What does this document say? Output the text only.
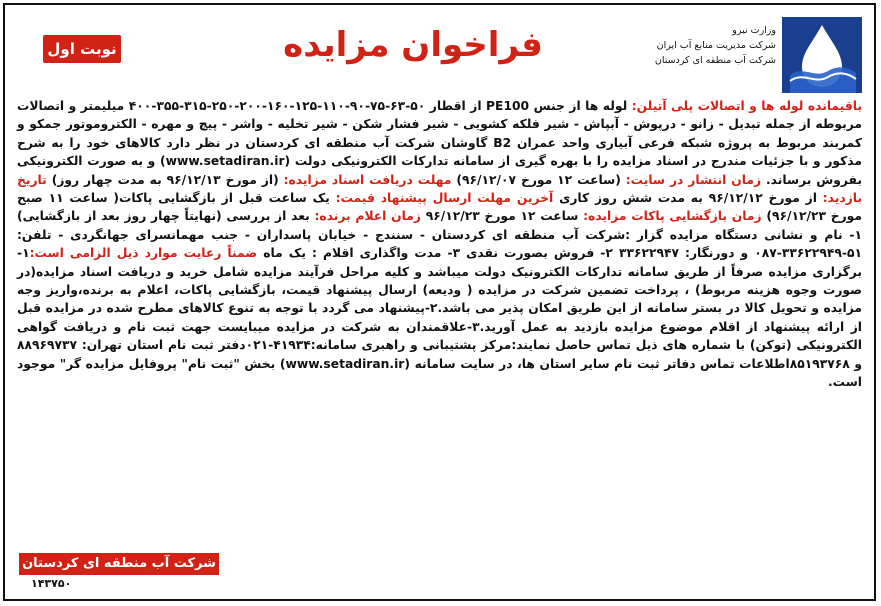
وزارت نیرو
شرکت مدیریت منابع آب ایران
شرکت آب منطقه ای کردستان
فراخوان مزایده
نوبت اول

باقیمانده لوله ها و اتصالات پلی آتیلن: لوله ها از جنس PE100 از اقطار ۵۰-۶۳-۷۵-۹۰-۱۱۰-۱۲۵-۱۶۰-۲۰۰-۲۵۰-۳۱۵-۳۵۵-۴۰۰ میلیمتر و اتصالات مربوطه از جمله تبدیل - زانو - درپوش - آبپاش - شیر فلکه کشویی - شیر فشار شکن - شیر تخلیه - واشر - پیچ و مهره - الکتروموتور جمکو و کمربند مربوط به پروژه شبکه فرعی آبیاری واحد عمران B2 گاوشان شرکت آب منطقه ای کردستان در نظر دارد کالاهای خود را به شرح مذکور و با جزئیات مندرج در اسناد مزایده را با بهره گیری از سامانه تدارکات الکترونیکی دولت (www.setadiran.ir) و به صورت الکترونیکی بفروش برساند. زمان انتشار در سایت: (ساعت ۱۲ مورخ ۹۶/۱۲/۰۷) مهلت دریافت اسناد مزایده: (از مورخ ۹۶/۱۲/۱۳ به مدت چهار روز) تاریخ بازدید: از مورخ ۹۶/۱۲/۱۲ به مدت شش روز کاری آخرین مهلت ارسال پیشنهاد قیمت: یک ساعت قبل از بازگشایی پاکات( ساعت ۱۱ صبح مورخ ۹۶/۱۲/۲۳) زمان بازگشایی پاکات مزایده: ساعت ۱۲ مورخ ۹۶/۱۲/۲۳ زمان اعلام برنده: بعد از بررسی (نهایتاً چهار روز بعد از بازگشایی) ۱- نام و نشانی دستگاه مزایده گزار :شرکت آب منطقه ای کردستان - سنندج - خیابان پاسداران - جنب مهمانسرای جهانگردی - تلفن: ۵۱-۳۳۶۲۲۹۴۹-۰۸۷ و دورنگار: ۳۳۶۲۲۹۴۷ ۲- فروش بصورت نقدی ۳- مدت واگذاری اقلام : یک ماه ضمناً رعایت موارد ذیل الزامی است:۱-برگزاری مزایده صرفاً از طریق سامانه تدارکات الکترونیک دولت میباشد و کلیه مراحل فرآیند مزایده شامل خرید و دریافت اسناد مزایده(در صورت وجوه هزینه مربوط) ، پرداخت تضمین شرکت در مزایده ( ودیعه) ارسال پیشنهاد قیمت، بازگشایی پاکات، اعلام به برنده،واریز وجه مزایده و تحویل کالا در بستر سامانه از این طریق امکان پذیر می باشد.۲-پیشنهاد می گردد با توجه به تنوع کالاهای مطرح شده در مزایده قبل از ارائه پیشنهاد از اقلام موضوع مزایده بازدید به عمل آورید.۳-علاقمندان به شرکت در مزایده میبایست جهت ثبت نام و دریافت گواهی الکترونیکی (توکن) با شماره های ذیل تماس حاصل نمایند:مرکز پشتیبانی و راهبری سامانه:۴۱۹۳۴-۰۲۱دفتر ثبت نام استان تهران: ۸۸۹۶۹۷۳۷ و ۸۵۱۹۳۷۶۸اطلاعات تماس دفاتر ثبت نام سایر استان ها، در سایت سامانه (www.setadiran.ir) بخش "ثبت نام" پروفایل مزایده گر" موجود است.

شرکت آب منطقه ای کردستان
۱۴۳۷۵۰
